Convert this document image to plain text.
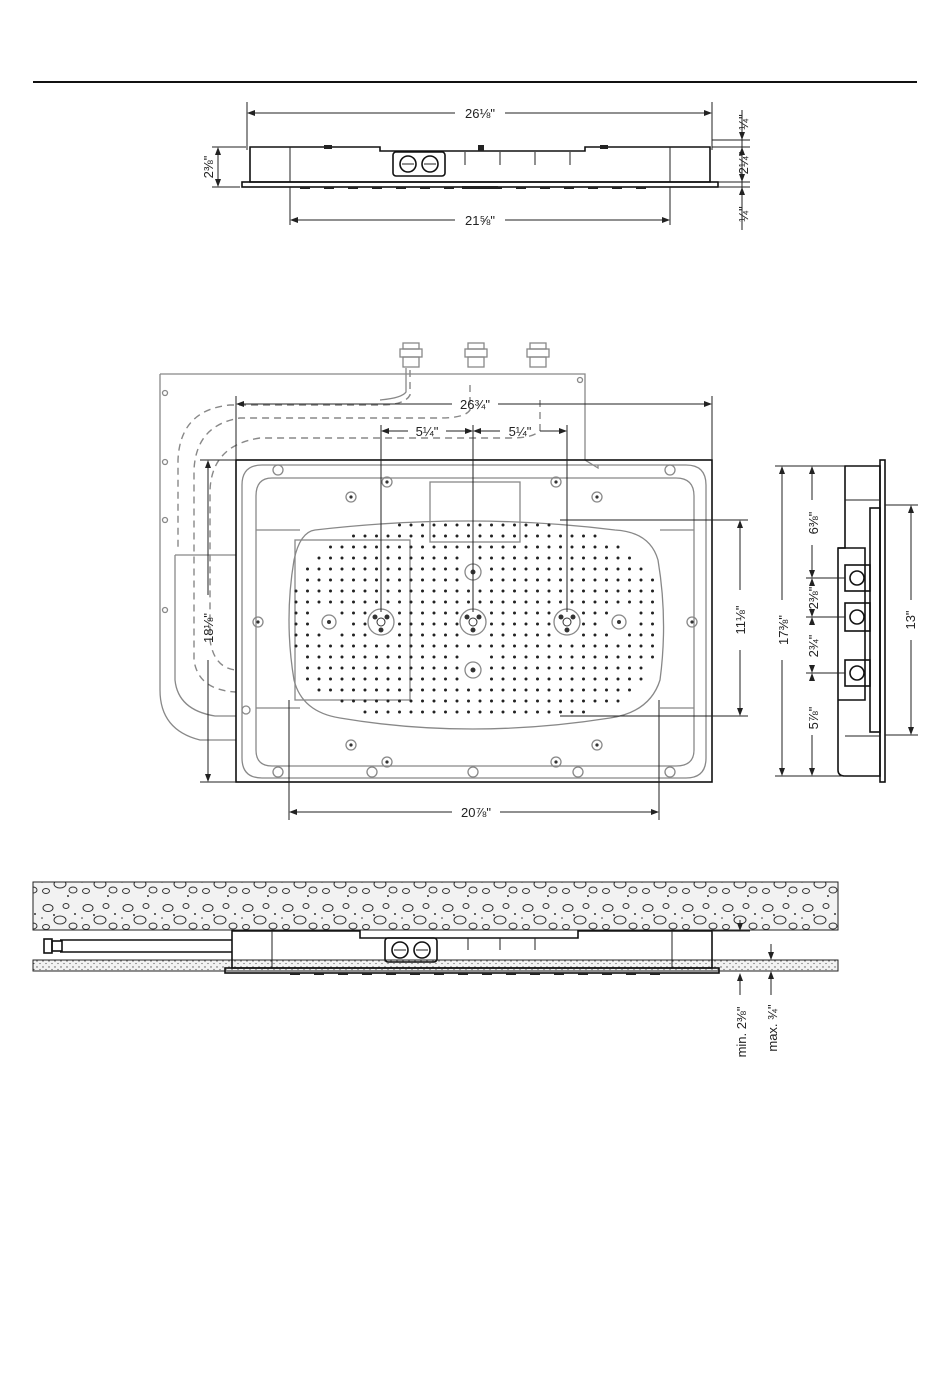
26⅛"
2⅜"
21⅝"
¼"
2¼"
¼"
26¾"
5¼"	5¼"
18⅛"	11⅛"
20⅞"
17⅜"
6⅜"
2⅜"
2¾"
5⅞"
13"
min. 2⅜" max. ¾"
